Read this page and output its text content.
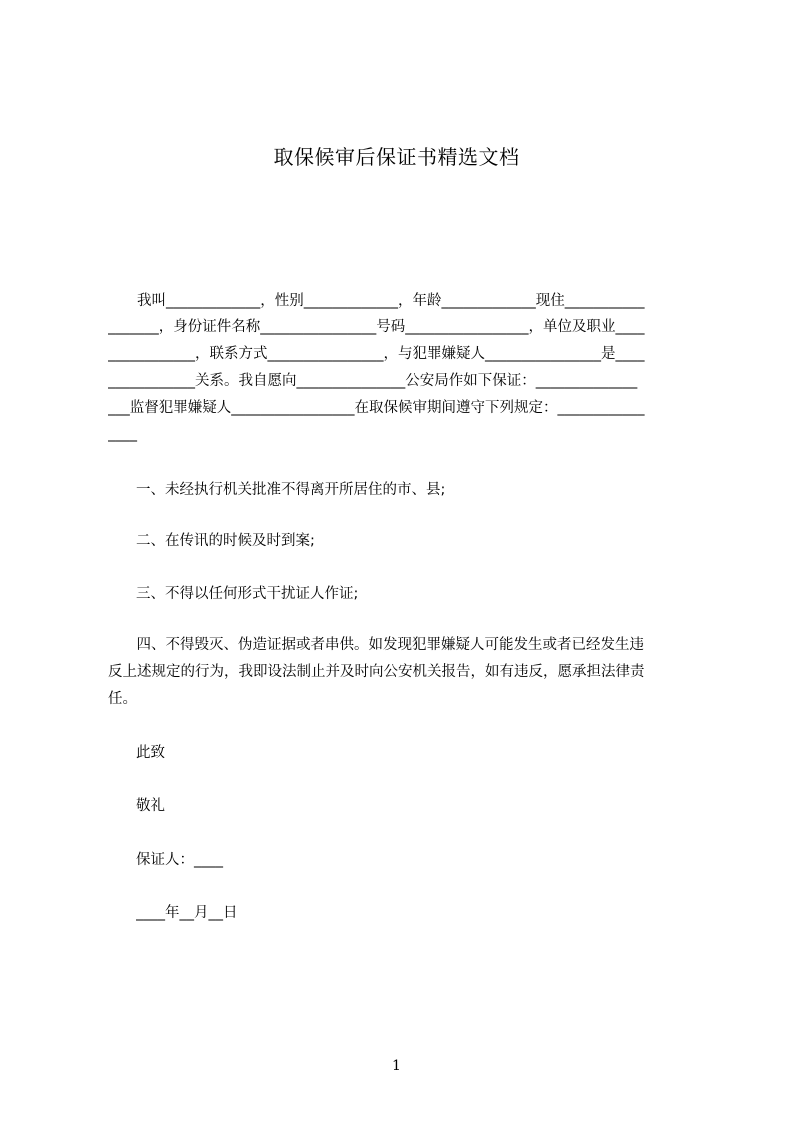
取保候审后保证书精选文档
　　我叫_____________，性别_____________，年龄_____________现住___________
_______，身份证件名称________________号码_________________，单位及职业____
____________，联系方式________________，与犯罪嫌疑人________________是____
____________关系。我自愿向_______________公安局作如下保证：______________
___监督犯罪嫌疑人_________________在取保候审期间遵守下列规定：____________
____
一、未经执行机关批准不得离开所居住的市、县;
二、在传讯的时候及时到案;
三、不得以任何形式干扰证人作证;
　四、不得毁灭、伪造证据或者串供。如发现犯罪嫌疑人可能发生或者已经发生违
反上述规定的行为，我即设法制止并及时向公安机关报告，如有违反，愿承担法律责
任。
此致
敬礼
保证人：____
____年__月__日
1
